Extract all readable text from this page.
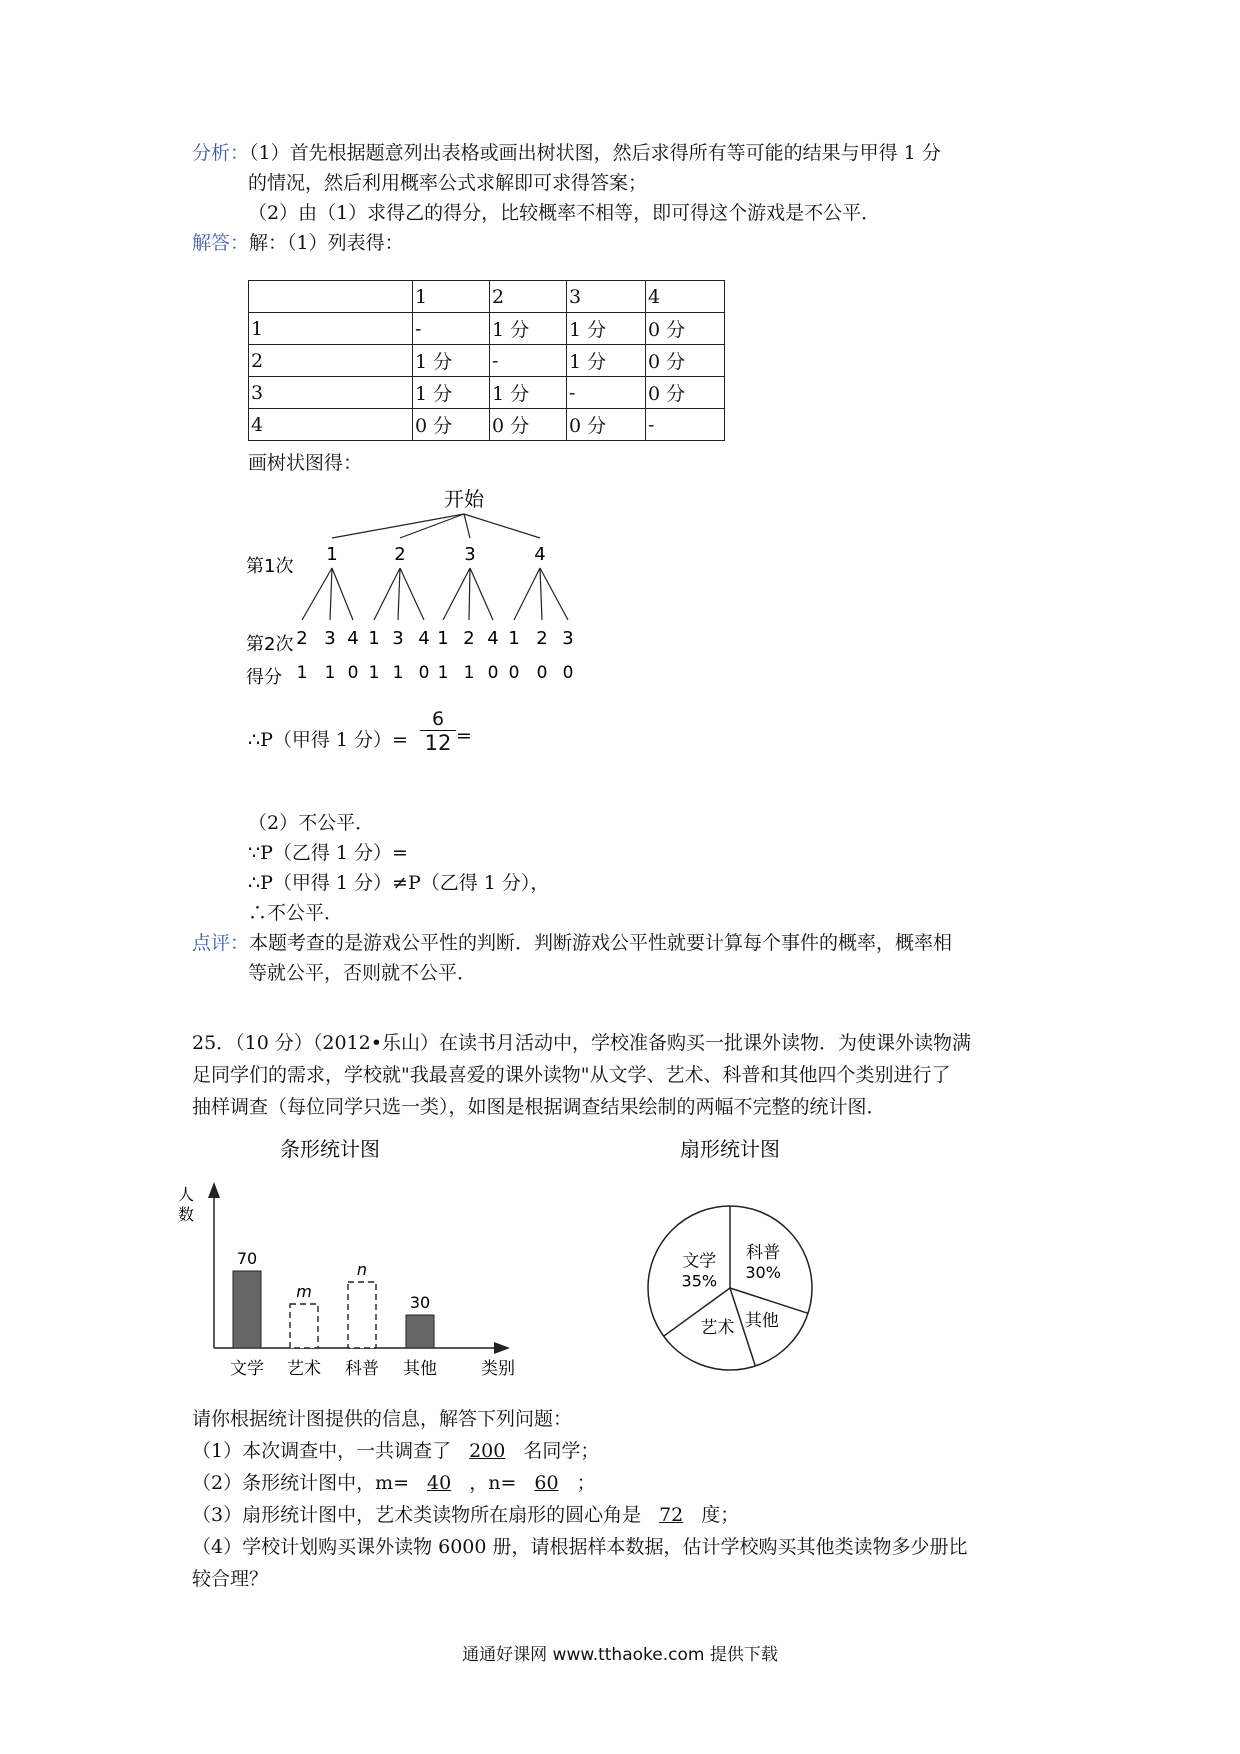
分析：（1）首先根据题意列出表格或画出树状图，然后求得所有等可能的结果与甲得 1 分
的情况，然后利用概率公式求解即可求得答案；
（2）由（1）求得乙的得分，比较概率不相等，即可得这个游戏是不公平．
解答：解：（1）列表得：
	1	2	3	4
1	-	1 分	1 分	0 分
2	1 分	-	1 分	0 分
3	1 分	1 分	-	0 分
4	0 分	0 分	0 分	-
画树状图得：
开始
第1次
第2次
得分
1	2	3	4
2 3 4 1 3 4 1 2 4 1 2 3
1 1 0 1 1 0 1 1 0 0 0 0
∴P（甲得 1 分）= $\frac{6}{12}$ =
（2）不公平．
∵P（乙得 1 分）=
∴P（甲得 1 分）≠P（乙得 1 分），
∴不公平．
点评：本题考查的是游戏公平性的判断．判断游戏公平性就要计算每个事件的概率，概率相
等就公平，否则就不公平．
25．（10 分）（2012•乐山）在读书月活动中，学校准备购买一批课外读物．为使课外读物满
足同学们的需求，学校就"我最喜爱的课外读物"从文学、艺术、科普和其他四个类别进行了
抽样调查（每位同学只选一类），如图是根据调查结果绘制的两幅不完整的统计图．
条形统计图
人
数
类别
70
文学
m
艺术
n
科普
30
其他
扇形统计图
科普
30%
其他
艺术
文学
35%
请你根据统计图提供的信息，解答下列问题：
（1）本次调查中，一共调查了 200 名同学；
（2）条形统计图中，m= 40 ，n= 60 ；
（3）扇形统计图中，艺术类读物所在扇形的圆心角是 72 度；
（4）学校计划购买课外读物 6000 册，请根据样本数据，估计学校购买其他类读物多少册比
较合理？
通通好课网 www.tthaoke.com 提供下载
